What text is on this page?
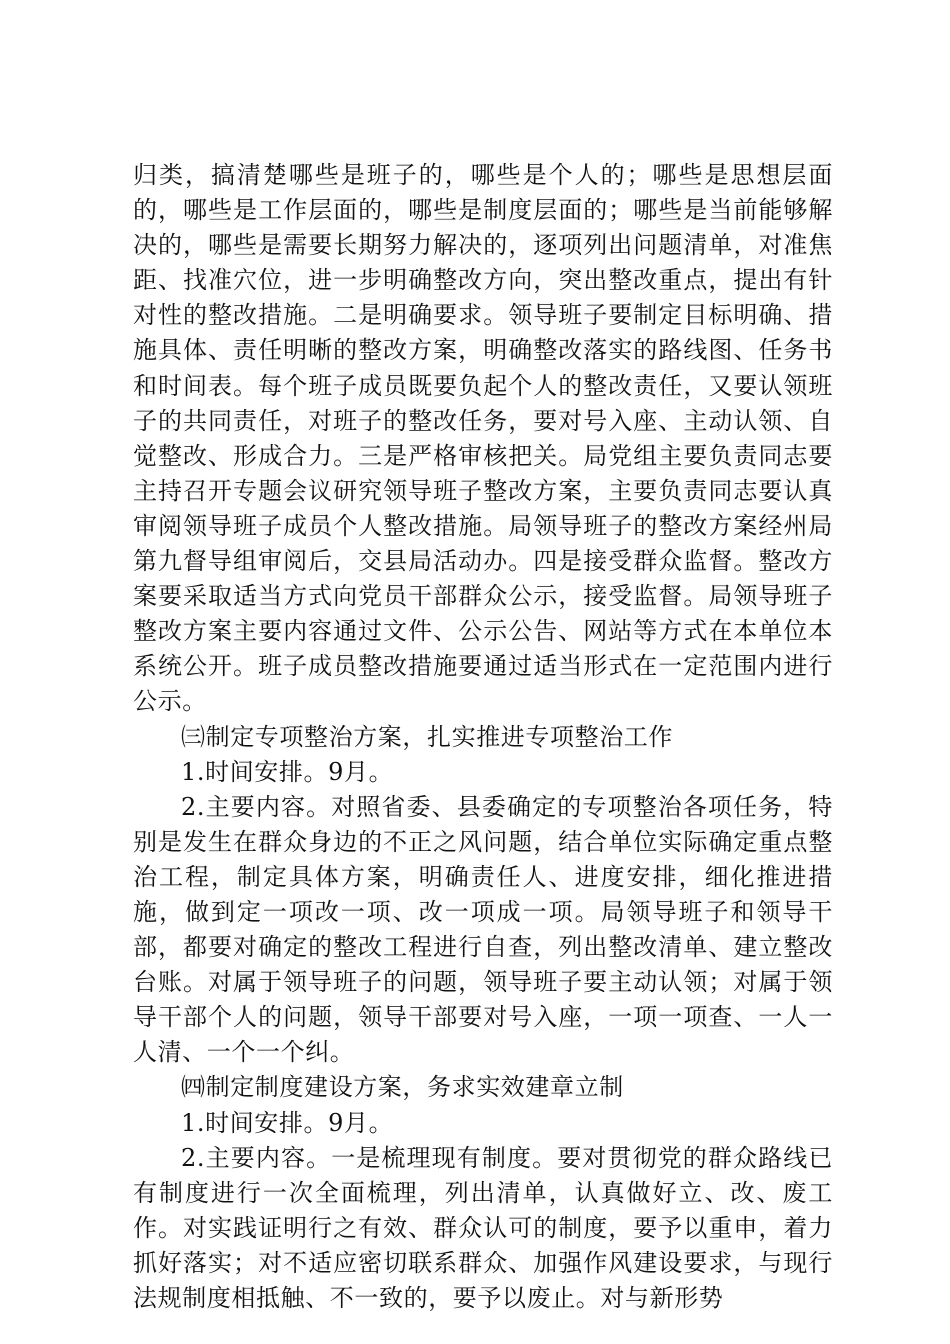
归类，搞清楚哪些是班子的，哪些是个人的；哪些是思想层面的，哪些是工作层面的，哪些是制度层面的；哪些是当前能够解决的，哪些是需要长期努力解决的，逐项列出问题清单，对准焦距、找准穴位，进一步明确整改方向，突出整改重点，提出有针对性的整改措施。二是明确要求。领导班子要制定目标明确、措施具体、责任明晰的整改方案，明确整改落实的路线图、任务书和时间表。每个班子成员既要负起个人的整改责任，又要认领班子的共同责任，对班子的整改任务，要对号入座、主动认领、自觉整改、形成合力。三是严格审核把关。局党组主要负责同志要主持召开专题会议研究领导班子整改方案，主要负责同志要认真审阅领导班子成员个人整改措施。局领导班子的整改方案经州局第九督导组审阅后，交县局活动办。四是接受群众监督。整改方案要采取适当方式向党员干部群众公示，接受监督。局领导班子整改方案主要内容通过文件、公示公告、网站等方式在本单位本系统公开。班子成员整改措施要通过适当形式在一定范围内进行公示。

㈢制定专项整治方案，扎实推进专项整治工作

1.时间安排。9月。

2.主要内容。对照省委、县委确定的专项整治各项任务，特别是发生在群众身边的不正之风问题，结合单位实际确定重点整治工程，制定具体方案，明确责任人、进度安排，细化推进措施，做到定一项改一项、改一项成一项。局领导班子和领导干部，都要对确定的整改工程进行自查，列出整改清单、建立整改台账。对属于领导班子的问题，领导班子要主动认领；对属于领导干部个人的问题，领导干部要对号入座，一项一项查、一人一人清、一个一个纠。

㈣制定制度建设方案，务求实效建章立制

1.时间安排。9月。

2.主要内容。一是梳理现有制度。要对贯彻党的群众路线已有制度进行一次全面梳理，列出清单，认真做好立、改、废工作。对实践证明行之有效、群众认可的制度，要予以重申，着力抓好落实；对不适应密切联系群众、加强作风建设要求，与现行法规制度相抵触、不一致的，要予以废止。对与新形势
